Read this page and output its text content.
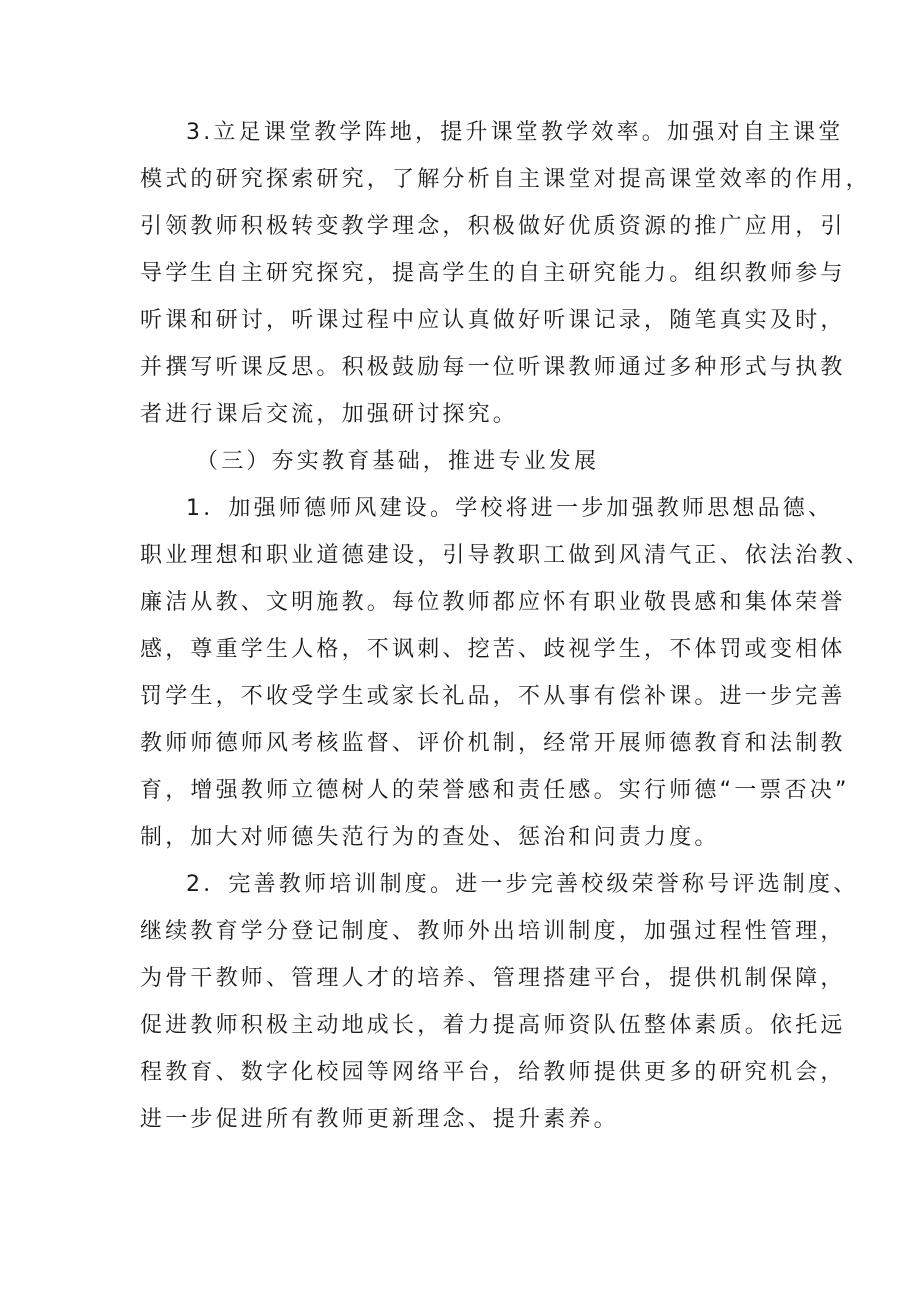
3.立足课堂教学阵地，提升课堂教学效率。加强对自主课堂

模式的研究探索研究，了解分析自主课堂对提高课堂效率的作用，

引领教师积极转变教学理念，积极做好优质资源的推广应用，引

导学生自主研究探究，提高学生的自主研究能力。组织教师参与

听课和研讨，听课过程中应认真做好听课记录，随笔真实及时，

并撰写听课反思。积极鼓励每一位听课教师通过多种形式与执教

者进行课后交流，加强研讨探究。

（三）夯实教育基础，推进专业发展

1．加强师德师风建设。学校将进一步加强教师思想品德、

职业理想和职业道德建设，引导教职工做到风清气正、依法治教、

廉洁从教、文明施教。每位教师都应怀有职业敬畏感和集体荣誉

感，尊重学生人格，不讽刺、挖苦、歧视学生，不体罚或变相体

罚学生，不收受学生或家长礼品，不从事有偿补课。进一步完善

教师师德师风考核监督、评价机制，经常开展师德教育和法制教

育，增强教师立德树人的荣誉感和责任感。实行师德“一票否决”

制，加大对师德失范行为的查处、惩治和问责力度。

2．完善教师培训制度。进一步完善校级荣誉称号评选制度、

继续教育学分登记制度、教师外出培训制度，加强过程性管理，

为骨干教师、管理人才的培养、管理搭建平台，提供机制保障，

促进教师积极主动地成长，着力提高师资队伍整体素质。依托远

程教育、数字化校园等网络平台，给教师提供更多的研究机会，

进一步促进所有教师更新理念、提升素养。
